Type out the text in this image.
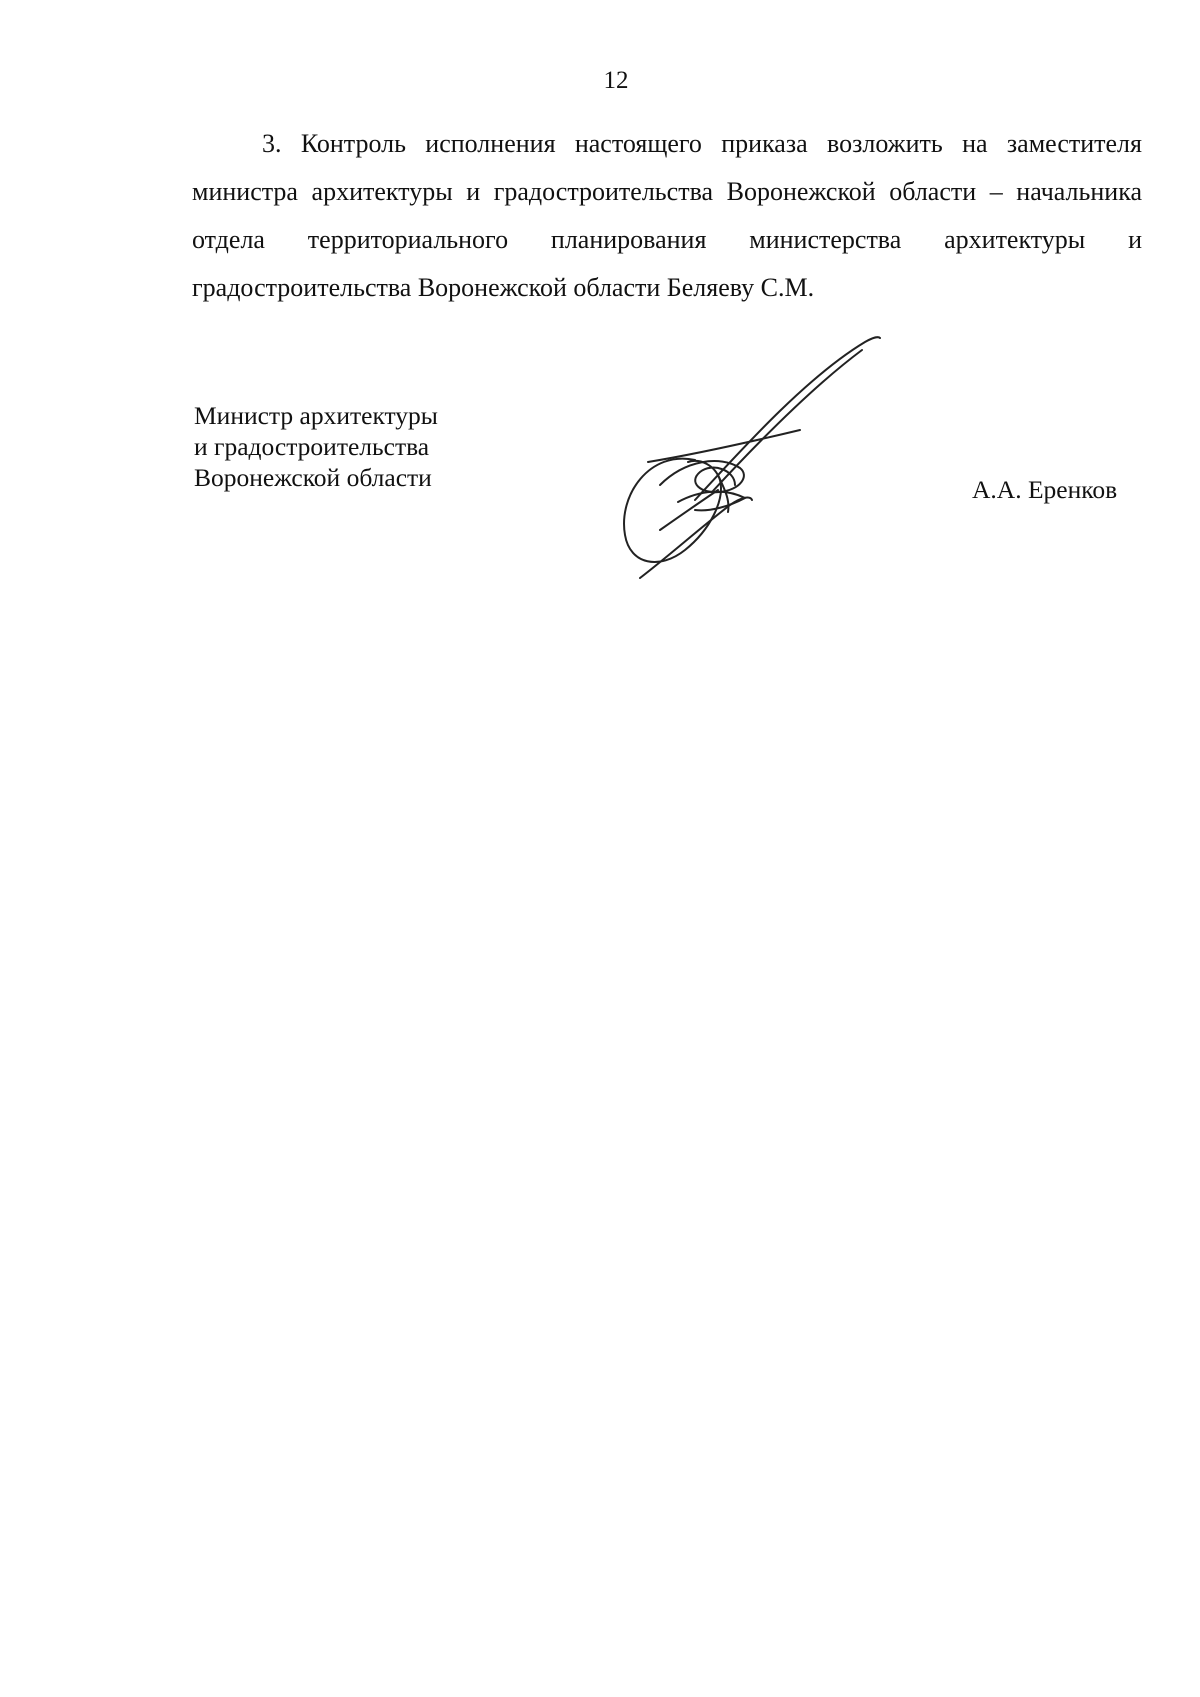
12

3. Контроль исполнения настоящего приказа возложить на заместителя министра архитектуры и градостроительства Воронежской области – начальника отдела территориального планирования министерства архитектуры и градостроительства Воронежской области Беляеву С.М.

Министр архитектуры
и градостроительства
Воронежской области	А.А. Еренков
